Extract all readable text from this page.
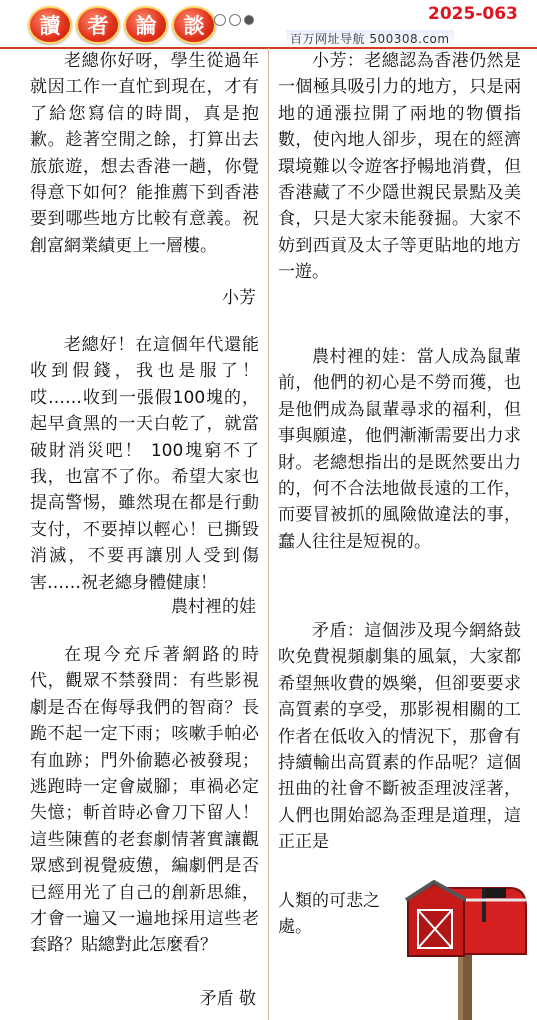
讀	者	論	談	2025-063
百万网址导航 500308.com

老總你好呀，學生從過年就因工作一直忙到現在，才有了給您寫信的時間，真是抱歉。趁著空閒之餘，打算出去旅旅遊，想去香港一趟，你覺得意下如何？能推薦下到香港要到哪些地方比較有意義。祝創富網業績更上一層樓。

小芳

老總好！在這個年代還能收到假錢，我也是服了！哎……收到一張假100塊的，起早貪黑的一天白乾了，就當破財消災吧！ 100塊窮不了我，也富不了你。希望大家也提高警惕，雖然現在都是行動支付，不要掉以輕心！已撕毀消滅，不要再讓別人受到傷害……祝老總身體健康！

農村裡的娃

在現今充斥著網路的時代，觀眾不禁發問：有些影視劇是否在侮辱我們的智商？長跪不起一定下雨；咳嗽手帕必有血跡；門外偷聽必被發現；逃跑時一定會崴腳；車禍必定失憶；斬首時必會刀下留人！這些陳舊的老套劇情著實讓觀眾感到視覺疲憊，編劇們是否已經用光了自己的創新思維，才會一遍又一遍地採用這些老套路？貼總對此怎麼看？

矛盾 敬

小芳：老總認為香港仍然是一個極具吸引力的地方，只是兩地的通漲拉開了兩地的物價指數，使內地人卻步，現在的經濟環境難以令遊客抒暢地消費，但香港藏了不少隱世親民景點及美食，只是大家未能發掘。大家不妨到西貢及太子等更貼地的地方一遊。

農村裡的娃：當人成為鼠輩前，他們的初心是不勞而獲，也是他們成為鼠輩尋求的福利，但事與願違，他們漸漸需要出力求財。老總想指出的是既然要出力的，何不合法地做長遠的工作，而要冒被抓的風險做違法的事，蠢人往往是短視的。

矛盾：這個涉及現今網絡鼓吹免費視頻劇集的風氣，大家都希望無收費的娛樂，但卻要要求高質素的享受，那影視相關的工作者在低收入的情況下，那會有持續輸出高質素的作品呢？這個扭曲的社會不斷被歪理波淫著，人們也開始認為歪理是道理，這正正是

人類的可悲之處。
